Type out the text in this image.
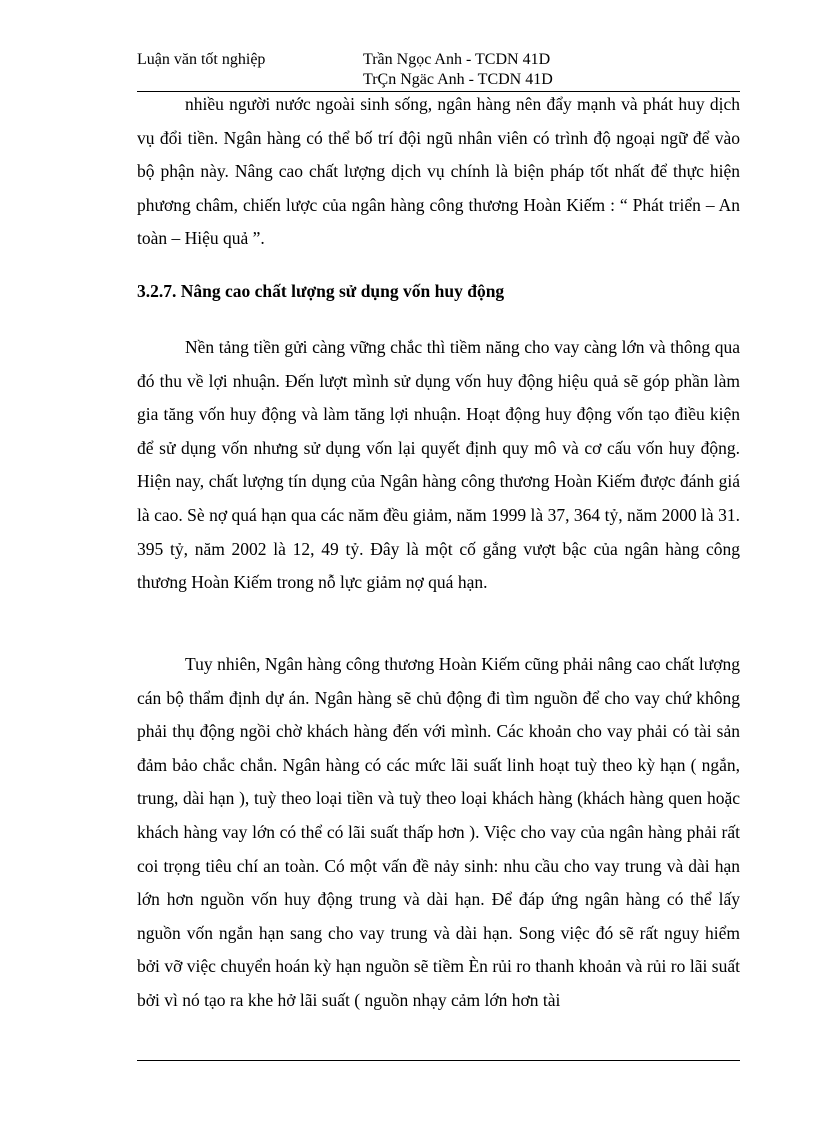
Luận văn tốt nghiệp	Trần Ngọc Anh - TCDN 41D
TrÇn Ngäc Anh - TCDN 41D

nhiều người nước ngoài sinh sống, ngân hàng nên đẩy mạnh và phát huy dịch vụ đổi tiền. Ngân hàng có thể bố trí đội ngũ nhân viên có trình độ ngoại ngữ để vào bộ phận này. Nâng cao chất lượng dịch vụ chính là biện pháp tốt nhất để thực hiện phương châm, chiến lược của ngân hàng công thương Hoàn Kiếm : “ Phát triển – An toàn – Hiệu quả ”.

3.2.7. Nâng cao chất lượng sử dụng vốn huy động

Nền tảng tiền gửi càng vững chắc thì tiềm năng cho vay càng lớn và thông qua đó thu về lợi nhuận. Đến lượt mình sử dụng vốn huy động hiệu quả sẽ góp phần làm gia tăng vốn huy động và làm tăng lợi nhuận. Hoạt động huy động vốn tạo điều kiện để sử dụng vốn nhưng sử dụng vốn lại quyết định quy mô và cơ cấu vốn huy động. Hiện nay, chất lượng tín dụng của Ngân hàng công thương Hoàn Kiếm được đánh giá là cao. Sè nợ quá hạn qua các năm đều giảm, năm 1999 là 37, 364 tỷ, năm 2000 là 31. 395 tỷ, năm 2002 là 12, 49 tỷ. Đây là một cố gắng vượt bậc của ngân hàng công thương Hoàn Kiếm trong nỗ lực giảm nợ quá hạn.

Tuy nhiên, Ngân hàng công thương Hoàn Kiếm cũng phải nâng cao chất lượng cán bộ thẩm định dự án. Ngân hàng sẽ chủ động đi tìm nguồn để cho vay chứ không phải thụ động ngồi chờ khách hàng đến với mình. Các khoản cho vay phải có tài sản đảm bảo chắc chắn. Ngân hàng có các mức lãi suất linh hoạt tuỳ theo kỳ hạn ( ngắn, trung, dài hạn ), tuỳ theo loại tiền và tuỳ theo loại khách hàng (khách hàng quen hoặc khách hàng vay lớn có thể có lãi suất thấp hơn ). Việc cho vay của ngân hàng phải rất coi trọng tiêu chí an toàn. Có một vấn đề nảy sinh: nhu cầu cho vay trung và dài hạn lớn hơn nguồn vốn huy động trung và dài hạn. Để đáp ứng ngân hàng có thể lấy nguồn vốn ngắn hạn sang cho vay trung và dài hạn. Song việc đó sẽ rất nguy hiểm bởi vỡ việc chuyển hoán kỳ hạn nguồn sẽ tiềm Èn rủi ro thanh khoản và rủi ro lãi suất bởi vì nó tạo ra khe hở lãi suất ( nguồn nhạy cảm lớn hơn tài
